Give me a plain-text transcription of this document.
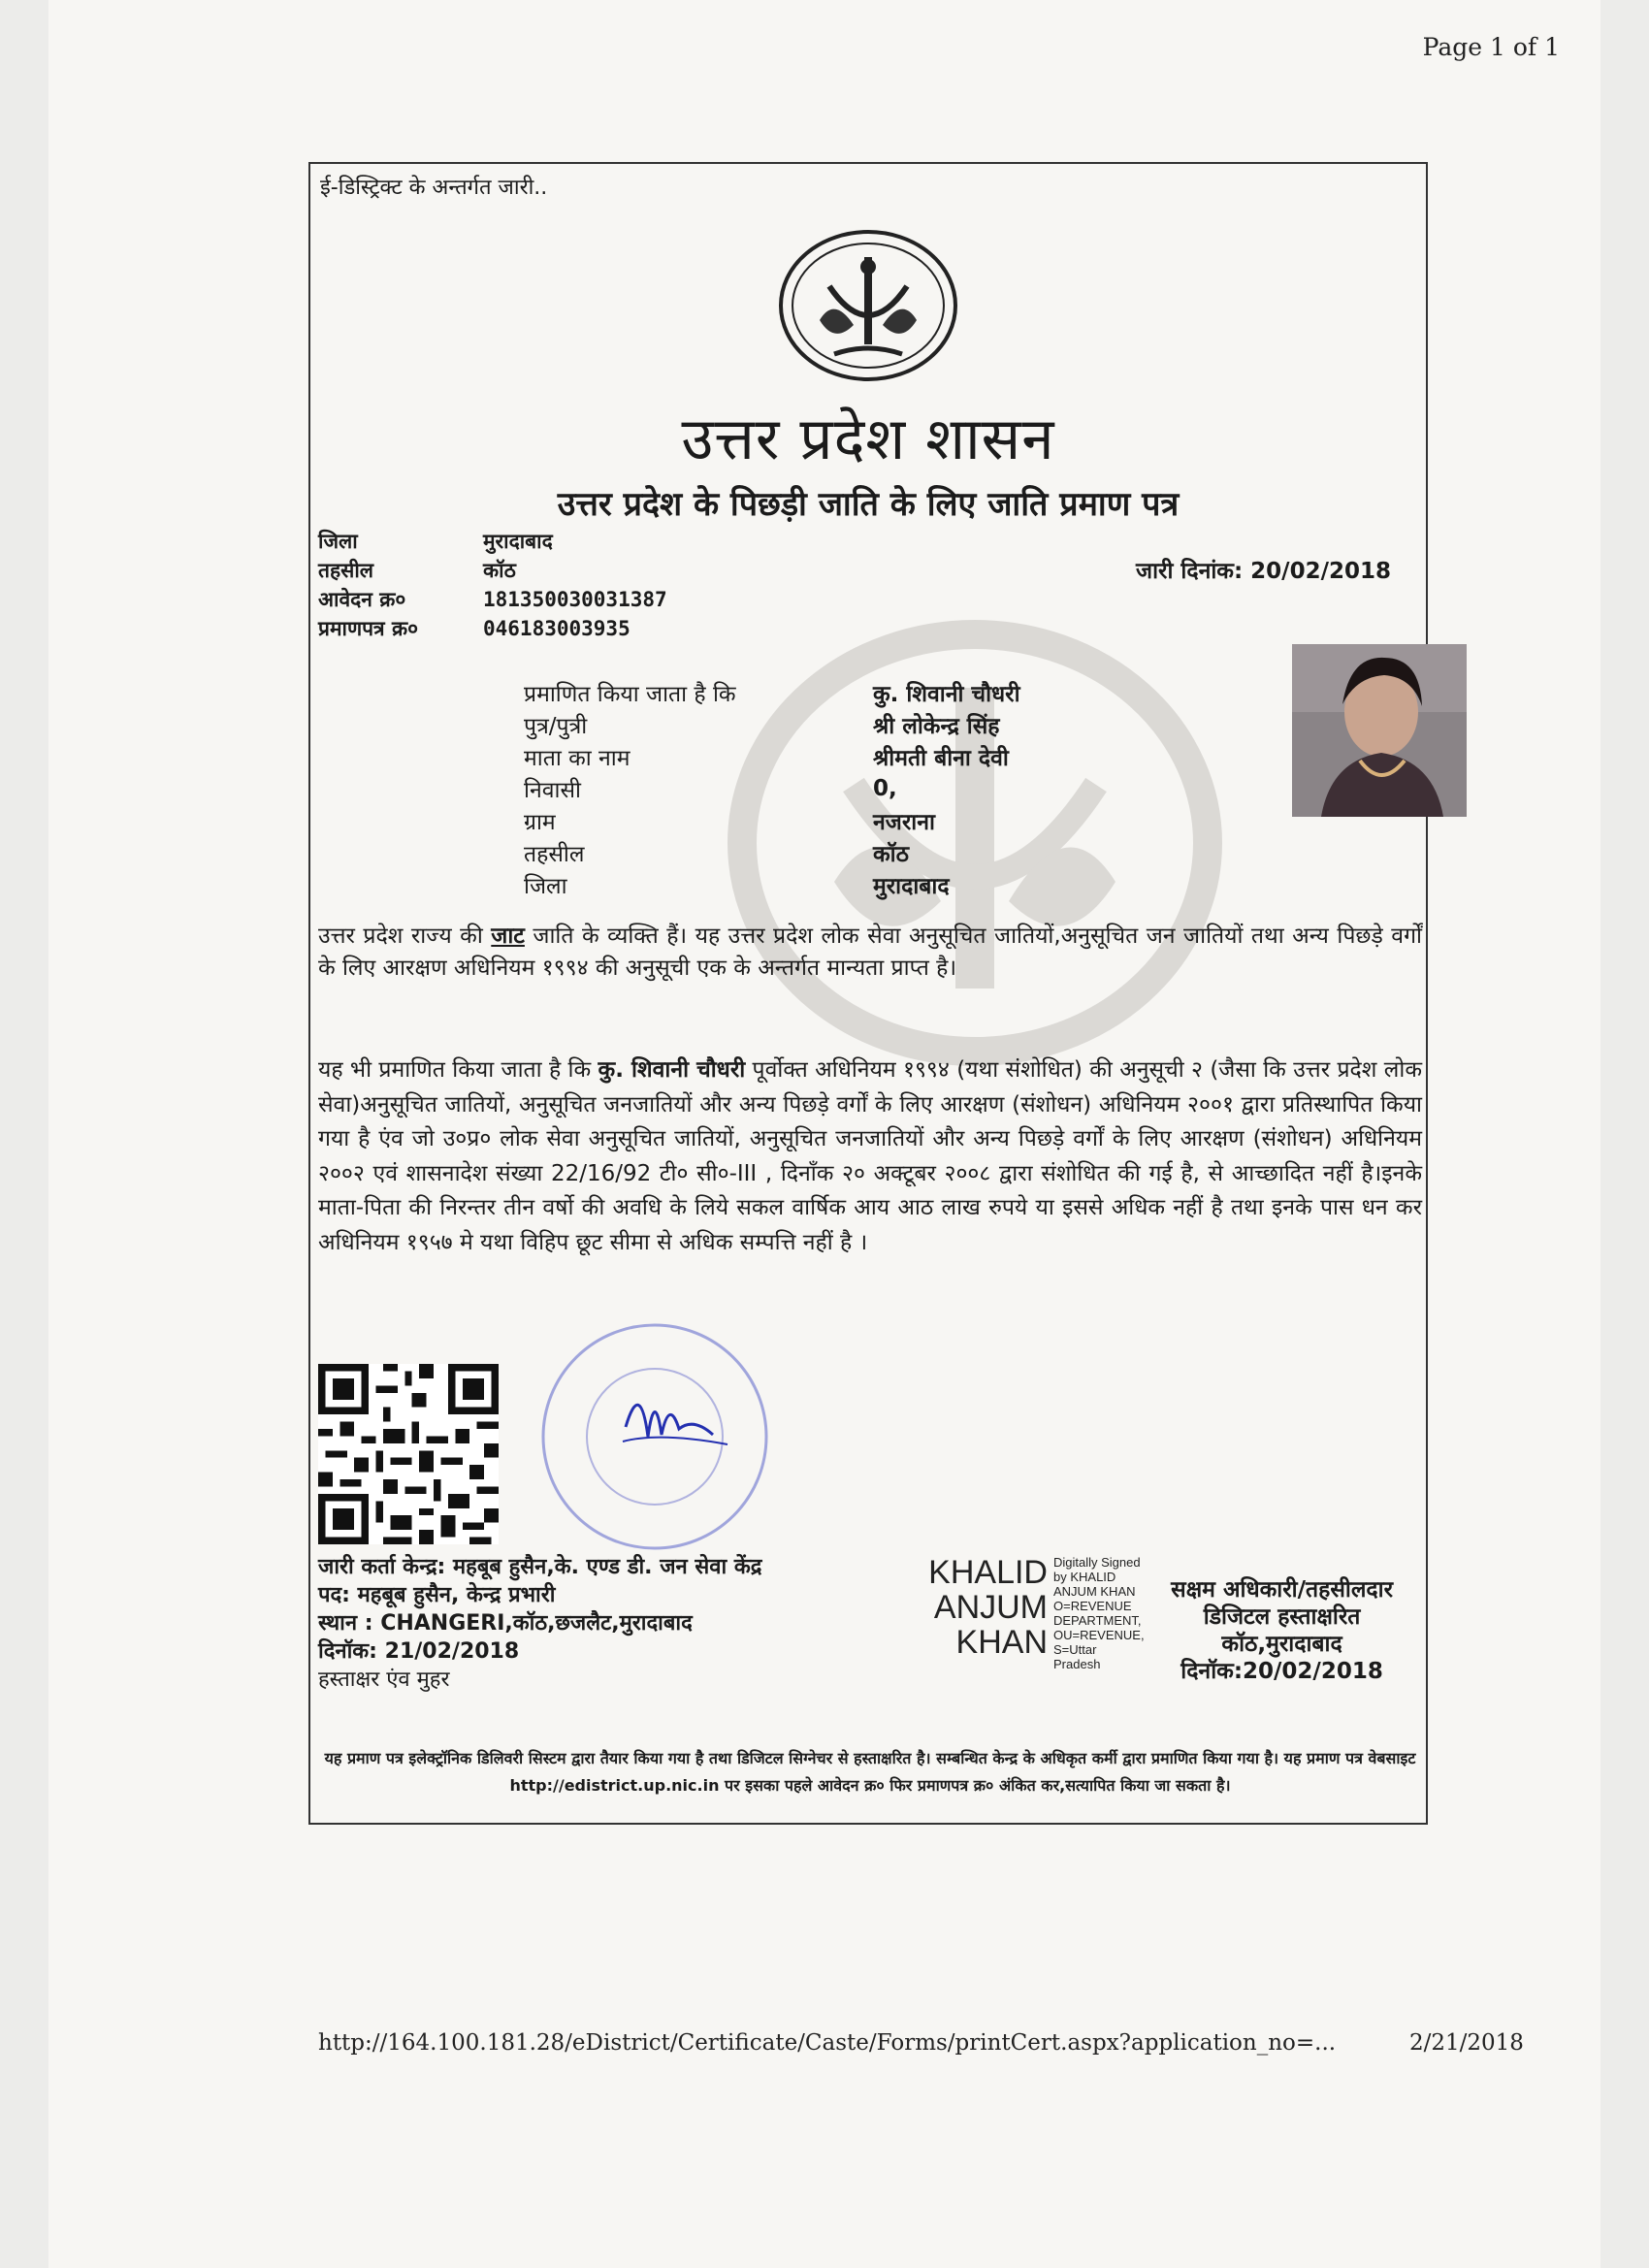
Page 1 of 1
ई-डिस्ट्रिक्ट के अन्तर्गत जारी..
उत्तर प्रदेश शासन
उत्तर प्रदेश के पिछड़ी जाति के लिए जाति प्रमाण पत्र
जिला	मुरादाबाद
तहसील	कॉठ
आवेदन क्र०	181350030031387
प्रमाणपत्र क्र०	046183003935
जारी दिनांक: 20/02/2018
प्रमाणित किया जाता है कि	कु. शिवानी चौधरी
पुत्र/पुत्री	श्री लोकेन्द्र सिंह
माता का नाम	श्रीमती बीना देवी
निवासी	0,
ग्राम	नजराना
तहसील	कॉठ
जिला	मुरादाबाद
उत्तर प्रदेश राज्य की जाट जाति के व्यक्ति हैं। यह उत्तर प्रदेश लोक सेवा अनुसूचित जातियों,अनुसूचित जन जातियों तथा अन्य पिछड़े वर्गों के लिए आरक्षण अधिनियम १९९४ की अनुसूची एक के अन्तर्गत मान्यता प्राप्त है।
यह भी प्रमाणित किया जाता है कि कु. शिवानी चौधरी पूर्वोक्त अधिनियम १९९४ (यथा संशोधित) की अनुसूची २ (जैसा कि उत्तर प्रदेश लोक सेवा)अनुसूचित जातियों, अनुसूचित जनजातियों और अन्य पिछड़े वर्गों के लिए आरक्षण (संशोधन) अधिनियम २००१ द्वारा प्रतिस्थापित किया गया है एंव जो उ०प्र० लोक सेवा अनुसूचित जातियों, अनुसूचित जनजातियों और अन्य पिछड़े वर्गों के लिए आरक्षण (संशोधन) अधिनियम २००२ एवं शासनादेश संख्या 22/16/92 टी० सी०-III , दिनाँक २० अक्टूबर २००८ द्वारा संशोधित की गई है, से आच्छादित नहीं है।इनके माता-पिता की निरन्तर तीन वर्षो की अवधि के लिये सकल वार्षिक आय आठ लाख रुपये या इससे अधिक नहीं है तथा इनके पास धन कर अधिनियम १९५७ मे यथा विहिप छूट सीमा से अधिक सम्पत्ति नहीं है ।
जारी कर्ता केन्द्र: महबूब हुसैन,के. एण्ड डी. जन सेवा केंद्र
पद: महबूब हुसैन, केन्द्र प्रभारी
स्थान : CHANGERI,कॉठ,छजलैट,मुरादाबाद
दिनॉक: 21/02/2018
हस्ताक्षर एंव मुहर
KHALID
ANJUM
KHAN
Digitally Signed
by KHALID
ANJUM KHAN
O=REVENUE
DEPARTMENT,
OU=REVENUE,
S=Uttar
Pradesh
सक्षम अधिकारी/तहसीलदार
डिजिटल हस्ताक्षरित
कॉठ,मुरादाबाद
दिनॉक:20/02/2018
यह प्रमाण पत्र इलेक्ट्रॉनिक डिलिवरी सिस्टम द्वारा तैयार किया गया है तथा डिजिटल सिग्नेचर से हस्ताक्षरित है। सम्बन्धित केन्द्र के अधिकृत कर्मी द्वारा प्रमाणित किया गया है। यह प्रमाण पत्र वेबसाइट http://edistrict.up.nic.in पर इसका पहले आवेदन क्र० फिर प्रमाणपत्र क्र० अंकित कर,सत्यापित किया जा सकता है।
http://164.100.181.28/eDistrict/Certificate/Caste/Forms/printCert.aspx?application_no=...	2/21/2018
